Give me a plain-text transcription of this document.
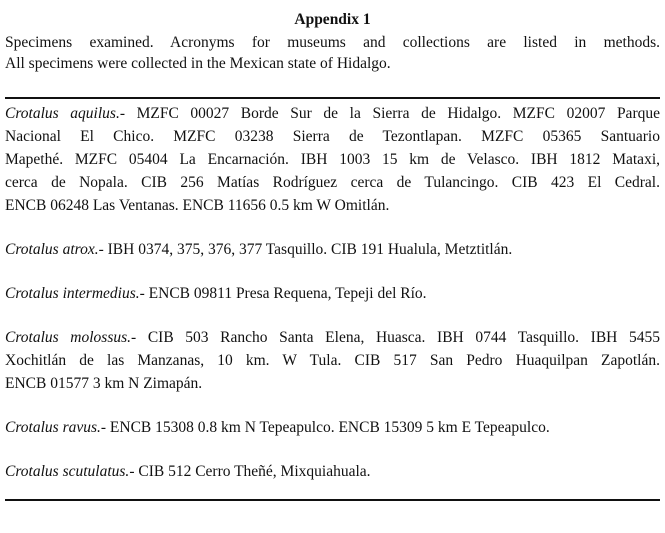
Appendix 1
Specimens examined. Acronyms for museums and collections are listed in methods.
All specimens were collected in the Mexican state of Hidalgo.
Crotalus aquilus.- MZFC 00027 Borde Sur de la Sierra de Hidalgo. MZFC 02007 Parque
Nacional El Chico. MZFC 03238 Sierra de Tezontlapan. MZFC 05365 Santuario
Mapethé. MZFC 05404 La Encarnación. IBH 1003 15 km de Velasco. IBH 1812 Mataxi,
cerca de Nopala. CIB 256 Matías Rodríguez cerca de Tulancingo. CIB 423 El Cedral.
ENCB 06248 Las Ventanas. ENCB 11656 0.5 km W Omitlán.
Crotalus atrox.- IBH 0374, 375, 376, 377 Tasquillo. CIB 191 Hualula, Metztitlán.
Crotalus intermedius.- ENCB 09811 Presa Requena, Tepeji del Río.
Crotalus molossus.- CIB 503 Rancho Santa Elena, Huasca. IBH 0744 Tasquillo. IBH 5455
Xochitlán de las Manzanas, 10 km. W Tula. CIB 517 San Pedro Huaquilpan Zapotlán.
ENCB 01577 3 km N Zimapán.
Crotalus ravus.- ENCB 15308 0.8 km N Tepeapulco. ENCB 15309 5 km E Tepeapulco.
Crotalus scutulatus.- CIB 512 Cerro Theñé, Mixquiahuala.
